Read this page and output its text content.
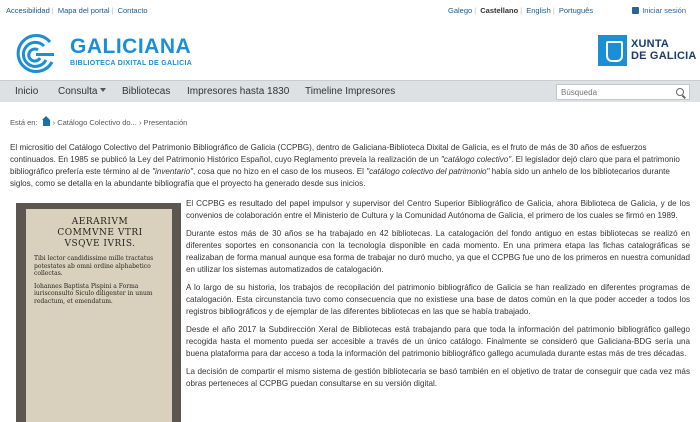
Accesibilidad | Mapa del portal | Contacto	Galego | Castellano | English | Português	Iniciar sesión
GALICIANA
BIBLIOTECA DIXITAL DE GALICIA
XUNTA
DE GALICIA
Inicio Consulta	Bibliotecas Impresores hasta 1830 Timeline Impresores
Búsqueda
Está en: › Catálogo Colectivo do... › Presentación
El micrositio del Catálogo Colectivo del Patrimonio Bibliográfico de Galicia (CCPBG), dentro de Galiciana-Biblioteca Dixital de Galicia, es el fruto de más de 30 años de esfuerzos continuados. En 1985 se publicó la Ley del Patrimonio Histórico Español, cuyo Reglamento preveía la realización de un "catálogo colectivo". El legislador dejó claro que para el patrimonio bibliográfico prefería este término al de "inventario", cosa que no hizo en el caso de los museos. El "catálogo colectivo del patrimonio" había sido un anhelo de los bibliotecarios durante siglos, como se detalla en la abundante bibliografía que el proyecto ha generado desde sus inicios.
AERARIVM
COMMVNE VTRI
VSQVE IVRIS.
Tibi lector candidissime mille tractatus potestates ab omni ordine alphabetico collectas.
Iohannes Baptista Pispini a Forma iurisconsulto Siculo diligenter in unum redactum, et emendatum.

El CCPBG es resultado del papel impulsor y supervisor del Centro Superior Bibliográfico de Galicia, ahora Biblioteca de Galicia, y de los convenios de colaboración entre el Ministerio de Cultura y la Comunidad Autónoma de Galicia, el primero de los cuales se firmó en 1989.

Durante estos más de 30 años se ha trabajado en 42 bibliotecas. La catalogación del fondo antiguo en estas bibliotecas se realizó en diferentes soportes en consonancia con la tecnología disponible en cada momento. En una primera etapa las fichas catalográficas se realizaban de forma manual aunque esa forma de trabajar no duró mucho, ya que el CCPBG fue uno de los primeros en nuestra comunidad en utilizar los sistemas automatizados de catalogación.

A lo largo de su historia, los trabajos de recopilación del patrimonio bibliográfico de Galicia se han realizado en diferentes programas de catalogación. Esta circunstancia tuvo como consecuencia que no existiese una base de datos común en la que poder acceder a todos los registros bibliográficos y de ejemplar de las diferentes bibliotecas en las que se había trabajado.

Desde el año 2017 la Subdirección Xeral de Bibliotecas está trabajando para que toda la información del patrimonio bibliográfico gallego recogida hasta el momento pueda ser accesible a través de un único catálogo. Finalmente se consideró que Galiciana-BDG sería una buena plataforma para dar acceso a toda la información del patrimonio bibliográfico gallego acumulada durante estas más de tres décadas.

La decisión de compartir el mismo sistema de gestión bibliotecaria se basó también en el objetivo de tratar de conseguir que cada vez más obras perteneces al CCPBG puedan consultarse en su versión digital.
